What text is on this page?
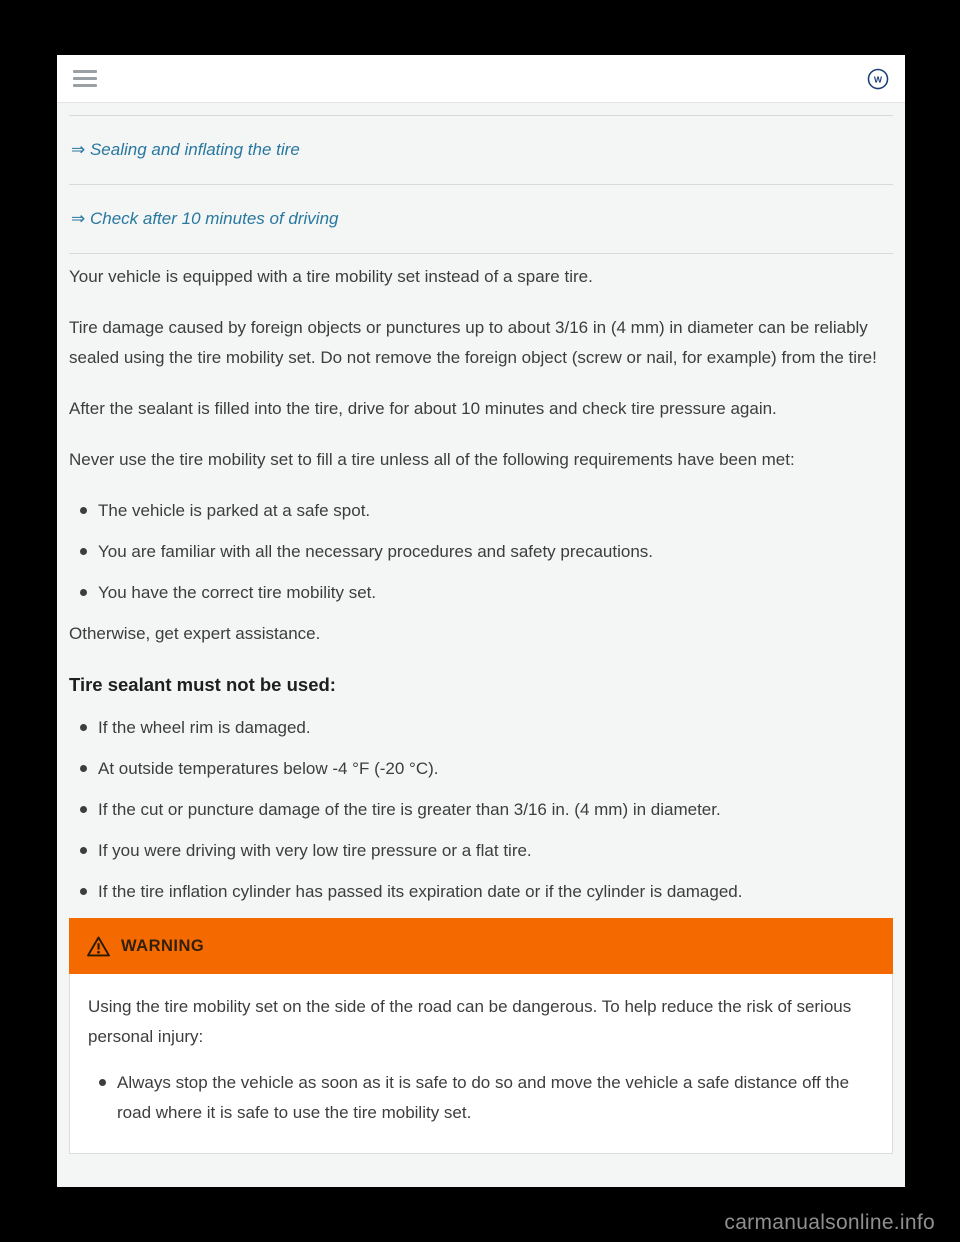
W
⇒ Sealing and inflating the tire
⇒ Check after 10 minutes of driving

Your vehicle is equipped with a tire mobility set instead of a spare tire.

Tire damage caused by foreign objects or punctures up to about 3/16 in (4 mm) in diameter can be reliably sealed using the tire mobility set. Do not remove the foreign object (screw or nail, for example) from the tire!

After the sealant is filled into the tire, drive for about 10 minutes and check tire pressure again.

Never use the tire mobility set to fill a tire unless all of the following requirements have been met:

The vehicle is parked at a safe spot.
You are familiar with all the necessary procedures and safety precautions.
You have the correct tire mobility set.

Otherwise, get expert assistance.

Tire sealant must not be used:
If the wheel rim is damaged.
At outside temperatures below -4 °F (-20 °C).
If the cut or puncture damage of the tire is greater than 3/16 in. (4 mm) in diameter.
If you were driving with very low tire pressure or a flat tire.
If the tire inflation cylinder has passed its expiration date or if the cylinder is damaged.
WARNING

Using the tire mobility set on the side of the road can be dangerous. To help reduce the risk of serious personal injury:

Always stop the vehicle as soon as it is safe to do so and move the vehicle a safe distance off the road where it is safe to use the tire mobility set.
carmanualsonline.info
